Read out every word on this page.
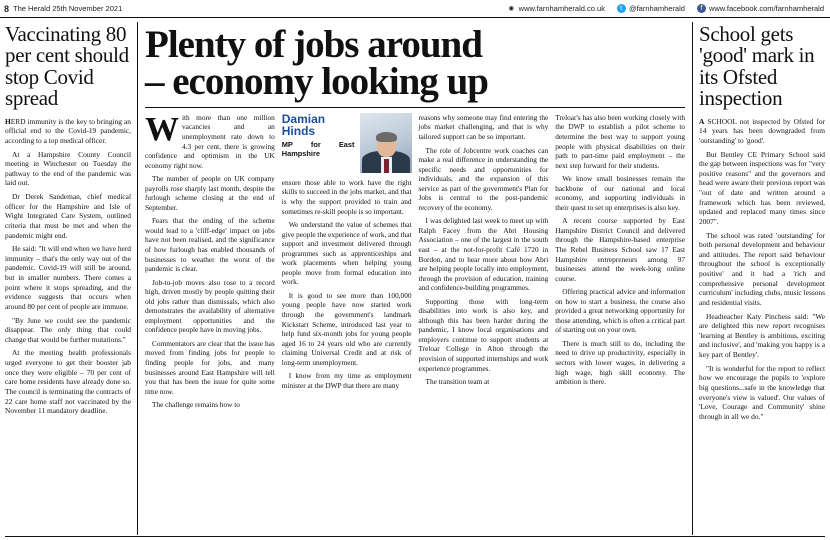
8 The Herald 25th November 2021	◉ www.farnhamherald.co.uk	t @farnhamherald	f www.facebook.com/farnhamherald
Vaccinating 80 per cent should stop Covid spread

HERD immunity is the key to bringing an official end to the Covid-19 pandemic, according to a top medical officer.

At a Hampshire County Council meeting in Winchester on Tuesday the pathway to the end of the pandemic was laid out.

Dr Derek Sandeman, chief medical officer for the Hampshire and Isle of Wight Integrated Care System, outlined criteria that must be met and when the pandemic might end.

He said: "It will end when we have herd immunity – that's the only way out of the pandemic. Covid-19 will still be around, but in smaller numbers. There comes a point where it stops spreading, and the evidence suggests that occurs when around 80 per cent of people are immune.

"By June we could see the pandemic disappear. The only thing that could change that would be further mutations."

At the meeting health professionals urged everyone to get their booster jab once they were eligible – 70 per cent of care home residents have already done so. The council is terminating the contracts of 22 care home staff not vaccinated by the November 11 mandatory deadline.

Plenty of jobs around
– economy looking up

With more than one million vacancies and an unemployment rate down to 4.3 per cent, there is growing confidence and optimism in the UK economy right now.

The number of people on UK company payrolls rose sharply last month, despite the furlough scheme closing at the end of September.

Fears that the ending of the scheme would lead to a 'cliff-edge' impact on jobs have not been realised, and the significance of how furlough has enabled thousands of businesses to weather the worst of the pandemic is clear.

Job-to-job moves also rose to a record high, driven mostly by people quitting their old jobs rather than dismissals, which also demonstrates the availability of alternative employment opportunities and the confidence people have in moving jobs.

Commentators are clear that the issue has moved from finding jobs for people to finding people for jobs, and many businesses around East Hampshire will tell you that has been the issue for quite some time now.

The challenge remains how to

Damian Hinds
MP for East Hampshire

ensure those able to work have the right skills to succeed in the jobs market, and that is why the support provided to train and sometimes re-skill people is so important.

We understand the value of schemes that give people the experience of work, and that support and investment delivered through programmes such as apprenticeships and work placements when helping young people move from formal education into work.

It is good to see more than 100,000 young people have now started work through the government's landmark Kickstart Scheme, introduced last year to help fund six-month jobs for young people aged 16 to 24 years old who are currently claiming Universal Credit and at risk of long-term unemployment.

I know from my time as employment minister at the DWP that there are many

reasons why someone may find entering the jobs market challenging, and that is why tailored support can be so important.

The role of Jobcentre work coaches can make a real difference in understanding the specific needs and opportunities for individuals, and the expansion of this service as part of the government's Plan for Jobs is central to the post-pandemic recovery of the economy.

I was delighted last week to meet up with Ralph Facey from the Abri Housing Association – one of the largest in the south east – at the not-for-profit Café 1720 in Bordon, and to hear more about how Abri are helping people locally into employment, through the provision of education, training and confidence-building programmes.

Supporting those with long-term disabilities into work is also key, and although this has been harder during the pandemic, I know local organisations and employers continue to support students at Treloar College in Alton through the provision of supported internships and work experience programmes.

The transition team at

Treloar's has also been working closely with the DWP to establish a pilot scheme to determine the best way to support young people with physical disabilities on their path to part-time paid employment – the next step forward for their students.

We know small businesses remain the backbone of our national and local economy, and supporting individuals in their quest to set up enterprises is also key.

A recent course supported by East Hampshire District Council and delivered through the Hampshire-based enterprise The Rebel Business School saw 17 East Hampshire entrepreneurs among 97 businesses attend the week-long online course.

Offering practical advice and information on how to start a business, the course also provided a great networking opportunity for those attending, which is often a critical part of starting out on your own.

There is much still to do, including the need to drive up productivity, especially in sectors with lower wages, in delivering a high wage, high skill economy. The ambition is there.

School gets 'good' mark in its Ofsted inspection

A SCHOOL not inspected by Ofsted for 14 years has been downgraded from 'outstanding' to 'good'.

But Bentley CE Primary School said the gap between inspections was for "very positive reasons" and the governors and head were aware their previous report was "out of date and written around a framework which has been reviewed, updated and replaced many times since 2007".

The school was rated 'outstanding' for both personal development and behaviour and attitudes. The report said behaviour throughout the school is exceptionally positive' and it had a 'rich and comprehensive personal development curriculum' including clubs, music lessons and residential visits.

Headteacher Katy Pinchess said: "We are delighted this new report recognises 'learning at Bentley is ambitious, exciting and inclusive', and 'making you happy is a key part of Bentley'.

"It is wonderful for the report to reflect how we encourage the pupils to 'explore big questions...safe in the knowledge that everyone's view is valued'. Our values of 'Love, Courage and Community' shine through in all we do."
